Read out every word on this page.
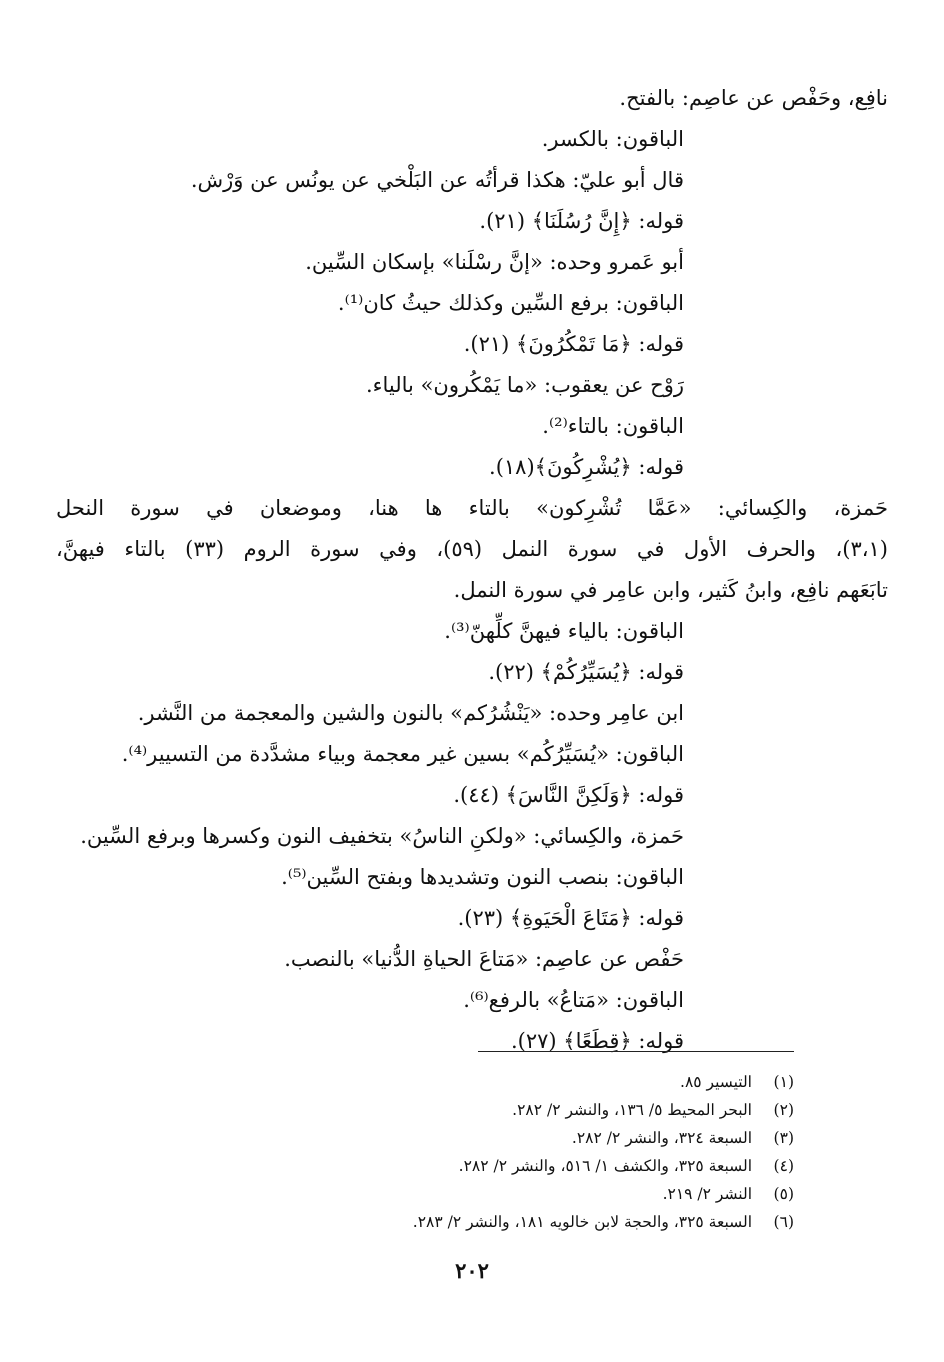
نافِع، وحَفْص عن عاصِم: بالفتح.
الباقون: بالكسر.
قال أبو عليّ: هكذا قرأتُه عن البَلْخي عن يونُس عن وَرْش.
قوله: ﴿إِنَّ رُسُلَنَا﴾ (٢١).
أبو عَمرو وحده: «إنَّ رسْلَنا» بإسكان السِّين.
الباقون: برفع السِّين وكذلك حيثُ كان⁽¹⁾.
قوله: ﴿مَا تَمْكُرُونَ﴾ (٢١).
رَوْح عن يعقوب: «ما يَمْكُرون» بالياء.
الباقون: بالتاء⁽²⁾.
قوله: ﴿يُشْرِكُونَ﴾(١٨).
حَمزة، والكِسائي: «عَمَّا تُشْرِكون» بالتاء ها هنا، وموضعان في سورة النحل
(٣،١)، والحرف الأول في سورة النمل (٥٩)، وفي سورة الروم (٣٣) بالتاء فيهنَّ،
تابَعَهم نافِع، وابنُ كَثير، وابن عامِر في سورة النمل.
الباقون: بالياء فيهنَّ كلِّهنّ⁽³⁾.
قوله: ﴿يُسَيِّرُكُمْ﴾ (٢٢).
ابن عامِر وحده: «يَنْشُرُكم» بالنون والشين والمعجمة من النَّشر.
الباقون: «يُسَيِّرُكُم» بسين غير معجمة وبياء مشدَّدة من التسيير⁽⁴⁾.
قوله: ﴿وَلَكِنَّ النَّاسَ﴾ (٤٤).
حَمزة، والكِسائي: «ولكنِ الناسُ» بتخفيف النون وكسرها وبرفع السِّين.
الباقون: بنصب النون وتشديدها وبفتح السِّين⁽⁵⁾.
قوله: ﴿مَتَاعَ الْحَيَوةِ﴾ (٢٣).
حَفْص عن عاصِم: «مَتاعَ الحياةِ الدُّنيا» بالنصب.
الباقون: «مَتاعُ» بالرفع⁽⁶⁾.
قوله: ﴿قِطَعًا﴾ (٢٧).
(١)التيسير ٨٥.
(٢)البحر المحيط ٥/ ١٣٦، والنشر ٢/ ٢٨٢.
(٣)السبعة ٣٢٤، والنشر ٢/ ٢٨٢.
(٤)السبعة ٣٢٥، والكشف ١/ ٥١٦، والنشر ٢/ ٢٨٢.
(٥)النشر ٢/ ٢١٩.
(٦)السبعة ٣٢٥، والحجة لابن خالويه ١٨١، والنشر ٢/ ٢٨٣.
٢٠٢
